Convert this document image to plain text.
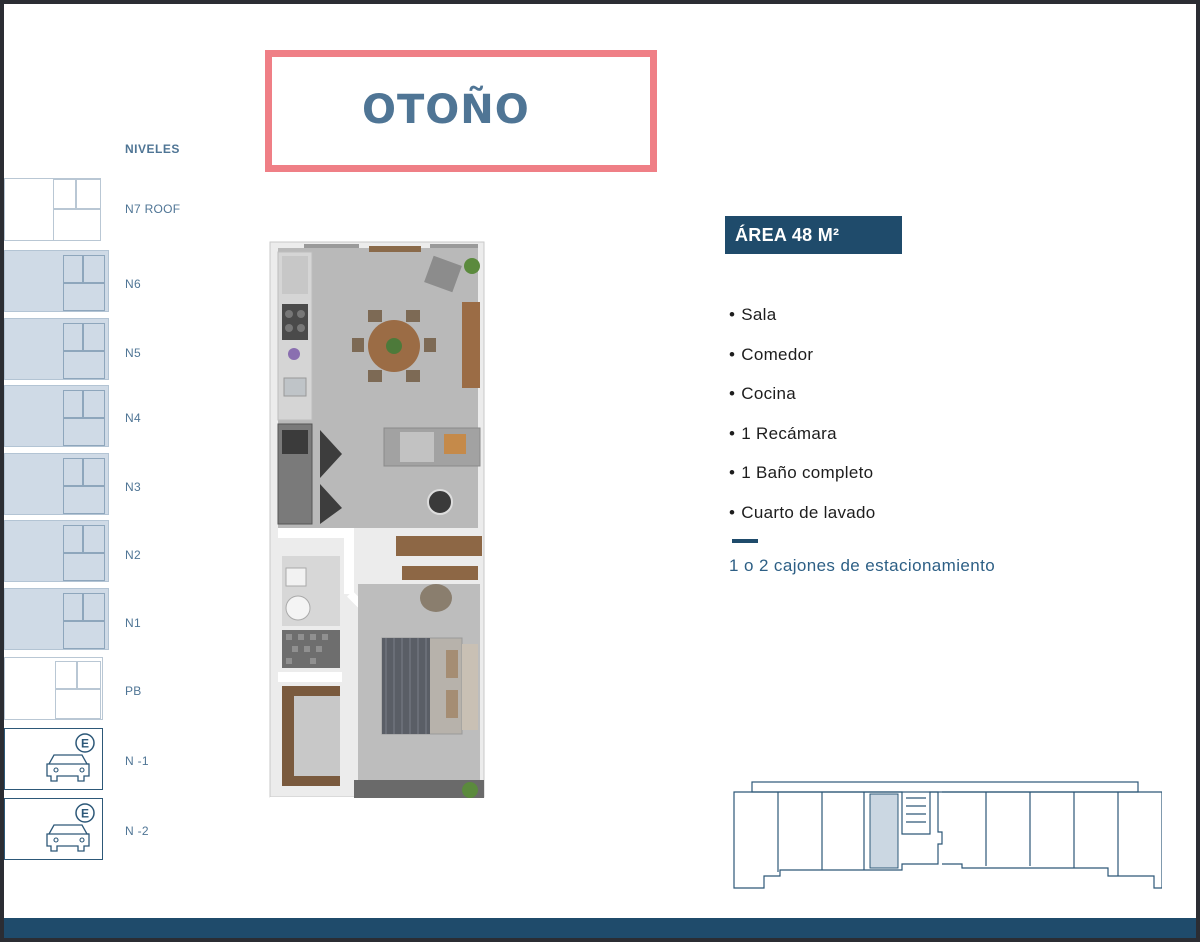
OTOÑO
NIVELES
N7 ROOF
N6
N5
N4
N3
N2
N1
PB
E
N -1
E
N -2
ÁREA 48 M²
• Sala
• Comedor
• Cocina
• 1 Recámara
• 1 Baño completo
• Cuarto de lavado
1 o 2 cajones de estacionamiento
